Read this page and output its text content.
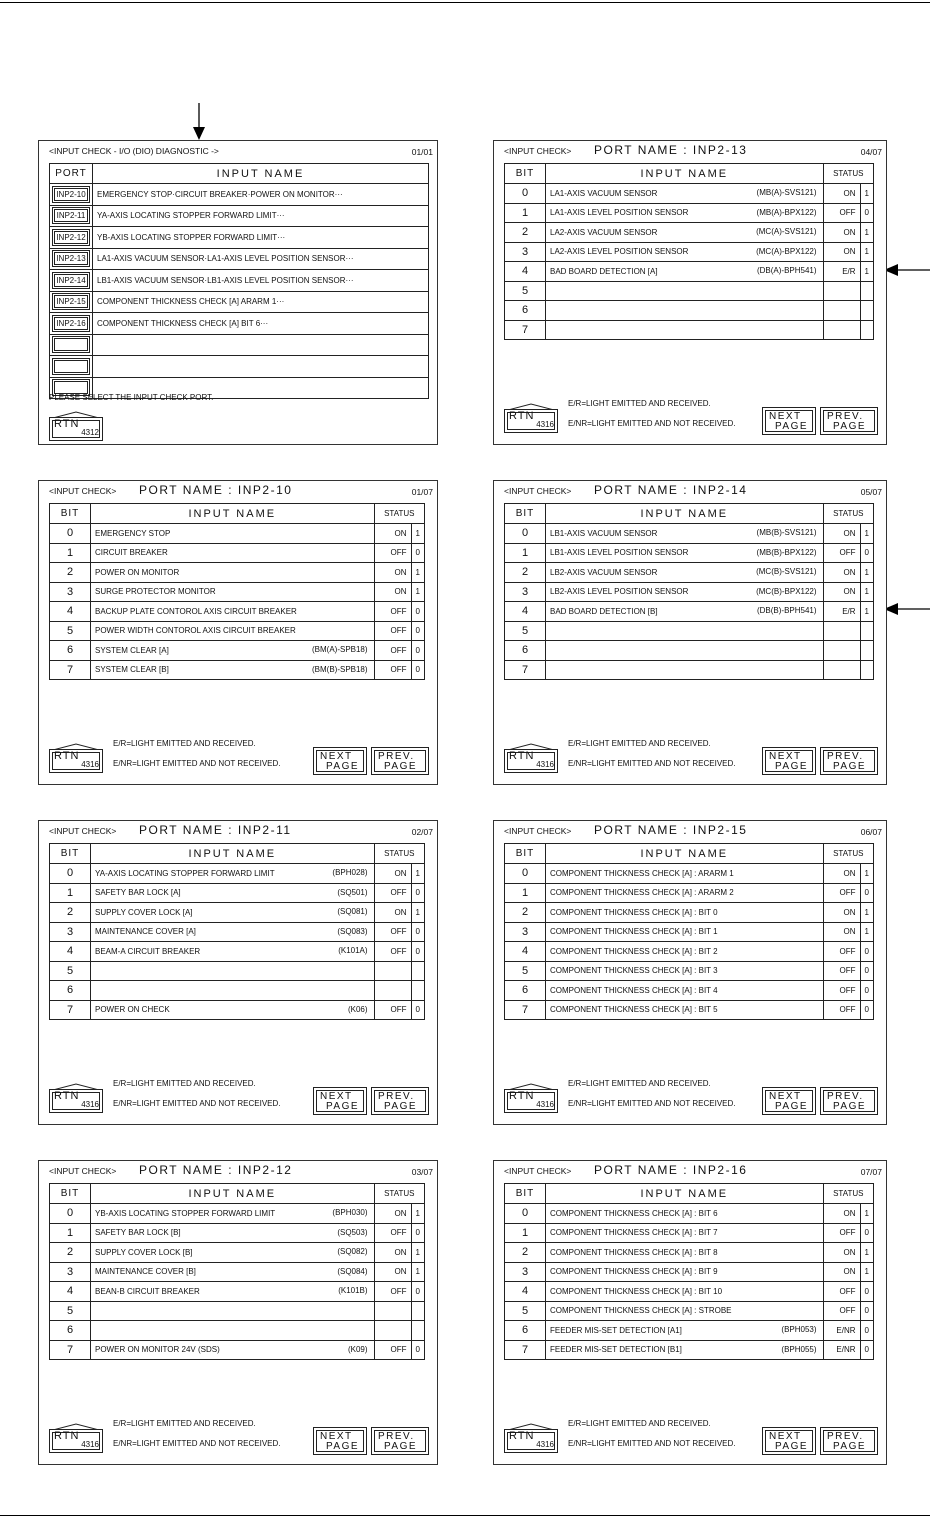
<INPUT CHECK - I/O (DIO) DIAGNOSTIC ->	01/01
PORT	INPUT NAME

INP2-10	EMERGENCY STOP·CIRCUIT BREAKER·POWER ON MONITOR···

INP2-11	YA-AXIS LOCATING STOPPER FORWARD LIMIT···

INP2-12	YB-AXIS LOCATING STOPPER FORWARD LIMIT···

INP2-13	LA1-AXIS VACUUM SENSOR·LA1-AXIS LEVEL POSITION SENSOR···

INP2-14	LB1-AXIS VACUUM SENSOR·LB1-AXIS LEVEL POSITION SENSOR···

INP2-15	COMPONENT THICKNESS CHECK [A] ARARM 1···

INP2-16	COMPONENT THICKNESS CHECK [A] BIT 6···

PLEASE SELECT THE INPUT CHECK PORT.
RTN
4312
<INPUT CHECK> PORT NAME : INP2-10	01/07
BIT	INPUT NAME	STATUS	
0	EMERGENCY STOP	ON	1
1	CIRCUIT BREAKER	OFF	0
2	POWER ON MONITOR	ON	1
3	SURGE PROTECTOR MONITOR	ON	1
4	BACKUP PLATE CONTOROL AXIS CIRCUIT BREAKER	OFF	0
5	POWER WIDTH CONTOROL AXIS CIRCUIT BREAKER	OFF	0
6	SYSTEM CLEAR [A] (BM(A)-SPB18)	OFF	0
7	SYSTEM CLEAR [B] (BM(B)-SPB18)	OFF	0
E/R=LIGHT EMITTED AND RECEIVED.
E/NR=LIGHT EMITTED AND NOT RECEIVED.
RTN
4316
NEXT
PAGE
PREV.
PAGE
<INPUT CHECK> PORT NAME : INP2-11	02/07
BIT	INPUT NAME	STATUS	
0	YA-AXIS LOCATING STOPPER FORWARD LIMIT (BPH028)	ON	1
1	SAFETY BAR LOCK [A] (SQ501)	OFF	0
2	SUPPLY COVER LOCK [A] (SQ081)	ON	1
3	MAINTENANCE COVER [A] (SQ083)	OFF	0
4	BEAM-A CIRCUIT BREAKER (K101A)	OFF	0
5	

6	

7	POWER ON CHECK (K06)	OFF	0
E/R=LIGHT EMITTED AND RECEIVED.
E/NR=LIGHT EMITTED AND NOT RECEIVED.
RTN
4316
NEXT
PAGE
PREV.
PAGE
<INPUT CHECK> PORT NAME : INP2-12	03/07
BIT	INPUT NAME	STATUS	
0	YB-AXIS LOCATING STOPPER FORWARD LIMIT (BPH030)	ON	1
1	SAFETY BAR LOCK [B] (SQ503)	OFF	0
2	SUPPLY COVER LOCK [B] (SQ082)	ON	1
3	MAINTENANCE COVER [B] (SQ084)	ON	1
4	BEAN-B CIRCUIT BREAKER (K101B)	OFF	0
5	

6	

7	POWER ON MONITOR 24V (SDS) (K09)	OFF	0
E/R=LIGHT EMITTED AND RECEIVED.
E/NR=LIGHT EMITTED AND NOT RECEIVED.
RTN
4316
NEXT
PAGE
PREV.
PAGE
<INPUT CHECK> PORT NAME : INP2-13	04/07
BIT	INPUT NAME	STATUS	
0	LA1-AXIS VACUUM SENSOR (MB(A)-SVS121)	ON	1
1	LA1-AXIS LEVEL POSITION SENSOR (MB(A)-BPX122)	OFF	0
2	LA2-AXIS VACUUM SENSOR (MC(A)-SVS121)	ON	1
3	LA2-AXIS LEVEL POSITION SENSOR (MC(A)-BPX122)	ON	1
4	BAD BOARD DETECTION [A] (DB(A)-BPH541)	E/R	1
5	

6	

7	

E/R=LIGHT EMITTED AND RECEIVED.
E/NR=LIGHT EMITTED AND NOT RECEIVED.
RTN
4316
NEXT
PAGE
PREV.
PAGE
<INPUT CHECK> PORT NAME : INP2-14	05/07
BIT	INPUT NAME	STATUS	
0	LB1-AXIS VACUUM SENSOR (MB(B)-SVS121)	ON	1
1	LB1-AXIS LEVEL POSITION SENSOR (MB(B)-BPX122)	OFF	0
2	LB2-AXIS VACUUM SENSOR (MC(B)-SVS121)	ON	1
3	LB2-AXIS LEVEL POSITION SENSOR (MC(B)-BPX122)	ON	1
4	BAD BOARD DETECTION [B] (DB(B)-BPH541)	E/R	1
5	

6	

7	

E/R=LIGHT EMITTED AND RECEIVED.
E/NR=LIGHT EMITTED AND NOT RECEIVED.
RTN
4316
NEXT
PAGE
PREV.
PAGE
<INPUT CHECK> PORT NAME : INP2-15	06/07
BIT	INPUT NAME	STATUS	
0	COMPONENT THICKNESS CHECK [A] : ARARM 1	ON	1
1	COMPONENT THICKNESS CHECK [A] : ARARM 2	OFF	0
2	COMPONENT THICKNESS CHECK [A] : BIT 0	ON	1
3	COMPONENT THICKNESS CHECK [A] : BIT 1	ON	1
4	COMPONENT THICKNESS CHECK [A] : BIT 2	OFF	0
5	COMPONENT THICKNESS CHECK [A] : BIT 3	OFF	0
6	COMPONENT THICKNESS CHECK [A] : BIT 4	OFF	0
7	COMPONENT THICKNESS CHECK [A] : BIT 5	OFF	0
E/R=LIGHT EMITTED AND RECEIVED.
E/NR=LIGHT EMITTED AND NOT RECEIVED.
RTN
4316
NEXT
PAGE
PREV.
PAGE
<INPUT CHECK> PORT NAME : INP2-16	07/07
BIT	INPUT NAME	STATUS	
0	COMPONENT THICKNESS CHECK [A] : BIT 6	ON	1
1	COMPONENT THICKNESS CHECK [A] : BIT 7	OFF	0
2	COMPONENT THICKNESS CHECK [A] : BIT 8	ON	1
3	COMPONENT THICKNESS CHECK [A] : BIT 9	ON	1
4	COMPONENT THICKNESS CHECK [A] : BIT 10	OFF	0
5	COMPONENT THICKNESS CHECK [A] : STROBE	OFF	0
6	FEEDER MIS-SET DETECTION [A1] (BPH053)	E/NR	0
7	FEEDER MIS-SET DETECTION [B1] (BPH055)	E/NR	0
E/R=LIGHT EMITTED AND RECEIVED.
E/NR=LIGHT EMITTED AND NOT RECEIVED.
RTN
4316
NEXT
PAGE
PREV.
PAGE
